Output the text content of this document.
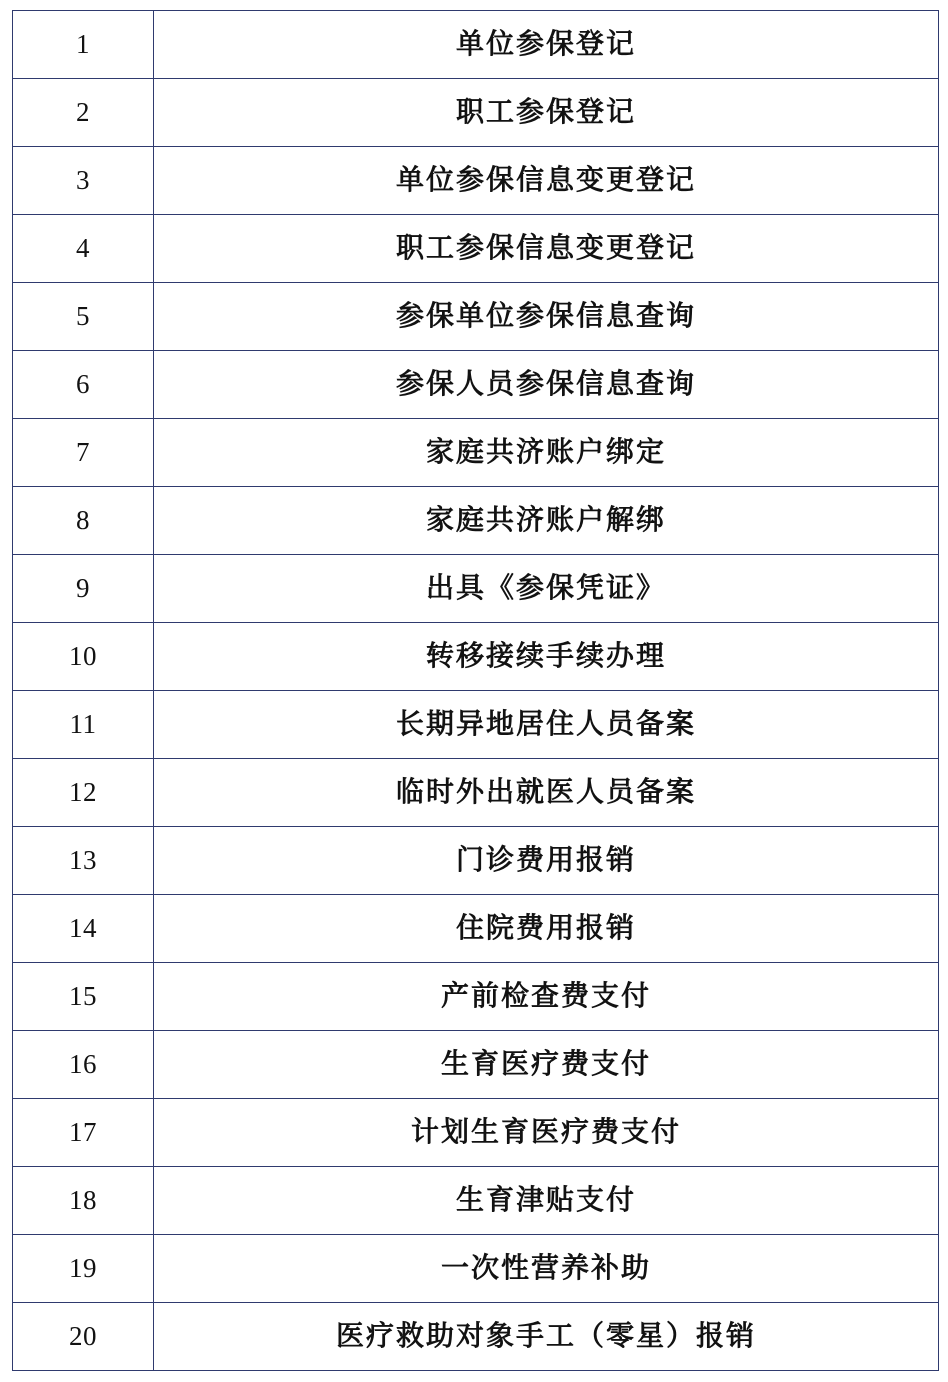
1	单位参保登记

2	职工参保登记

3	单位参保信息变更登记

4	职工参保信息变更登记

5	参保单位参保信息查询

6	参保人员参保信息查询

7	家庭共济账户绑定

8	家庭共济账户解绑

9	出具《参保凭证》

10	转移接续手续办理

11	长期异地居住人员备案

12	临时外出就医人员备案

13	门诊费用报销

14	住院费用报销

15	产前检查费支付

16	生育医疗费支付

17	计划生育医疗费支付

18	生育津贴支付

19	一次性营养补助

20	医疗救助对象手工（零星）报销
